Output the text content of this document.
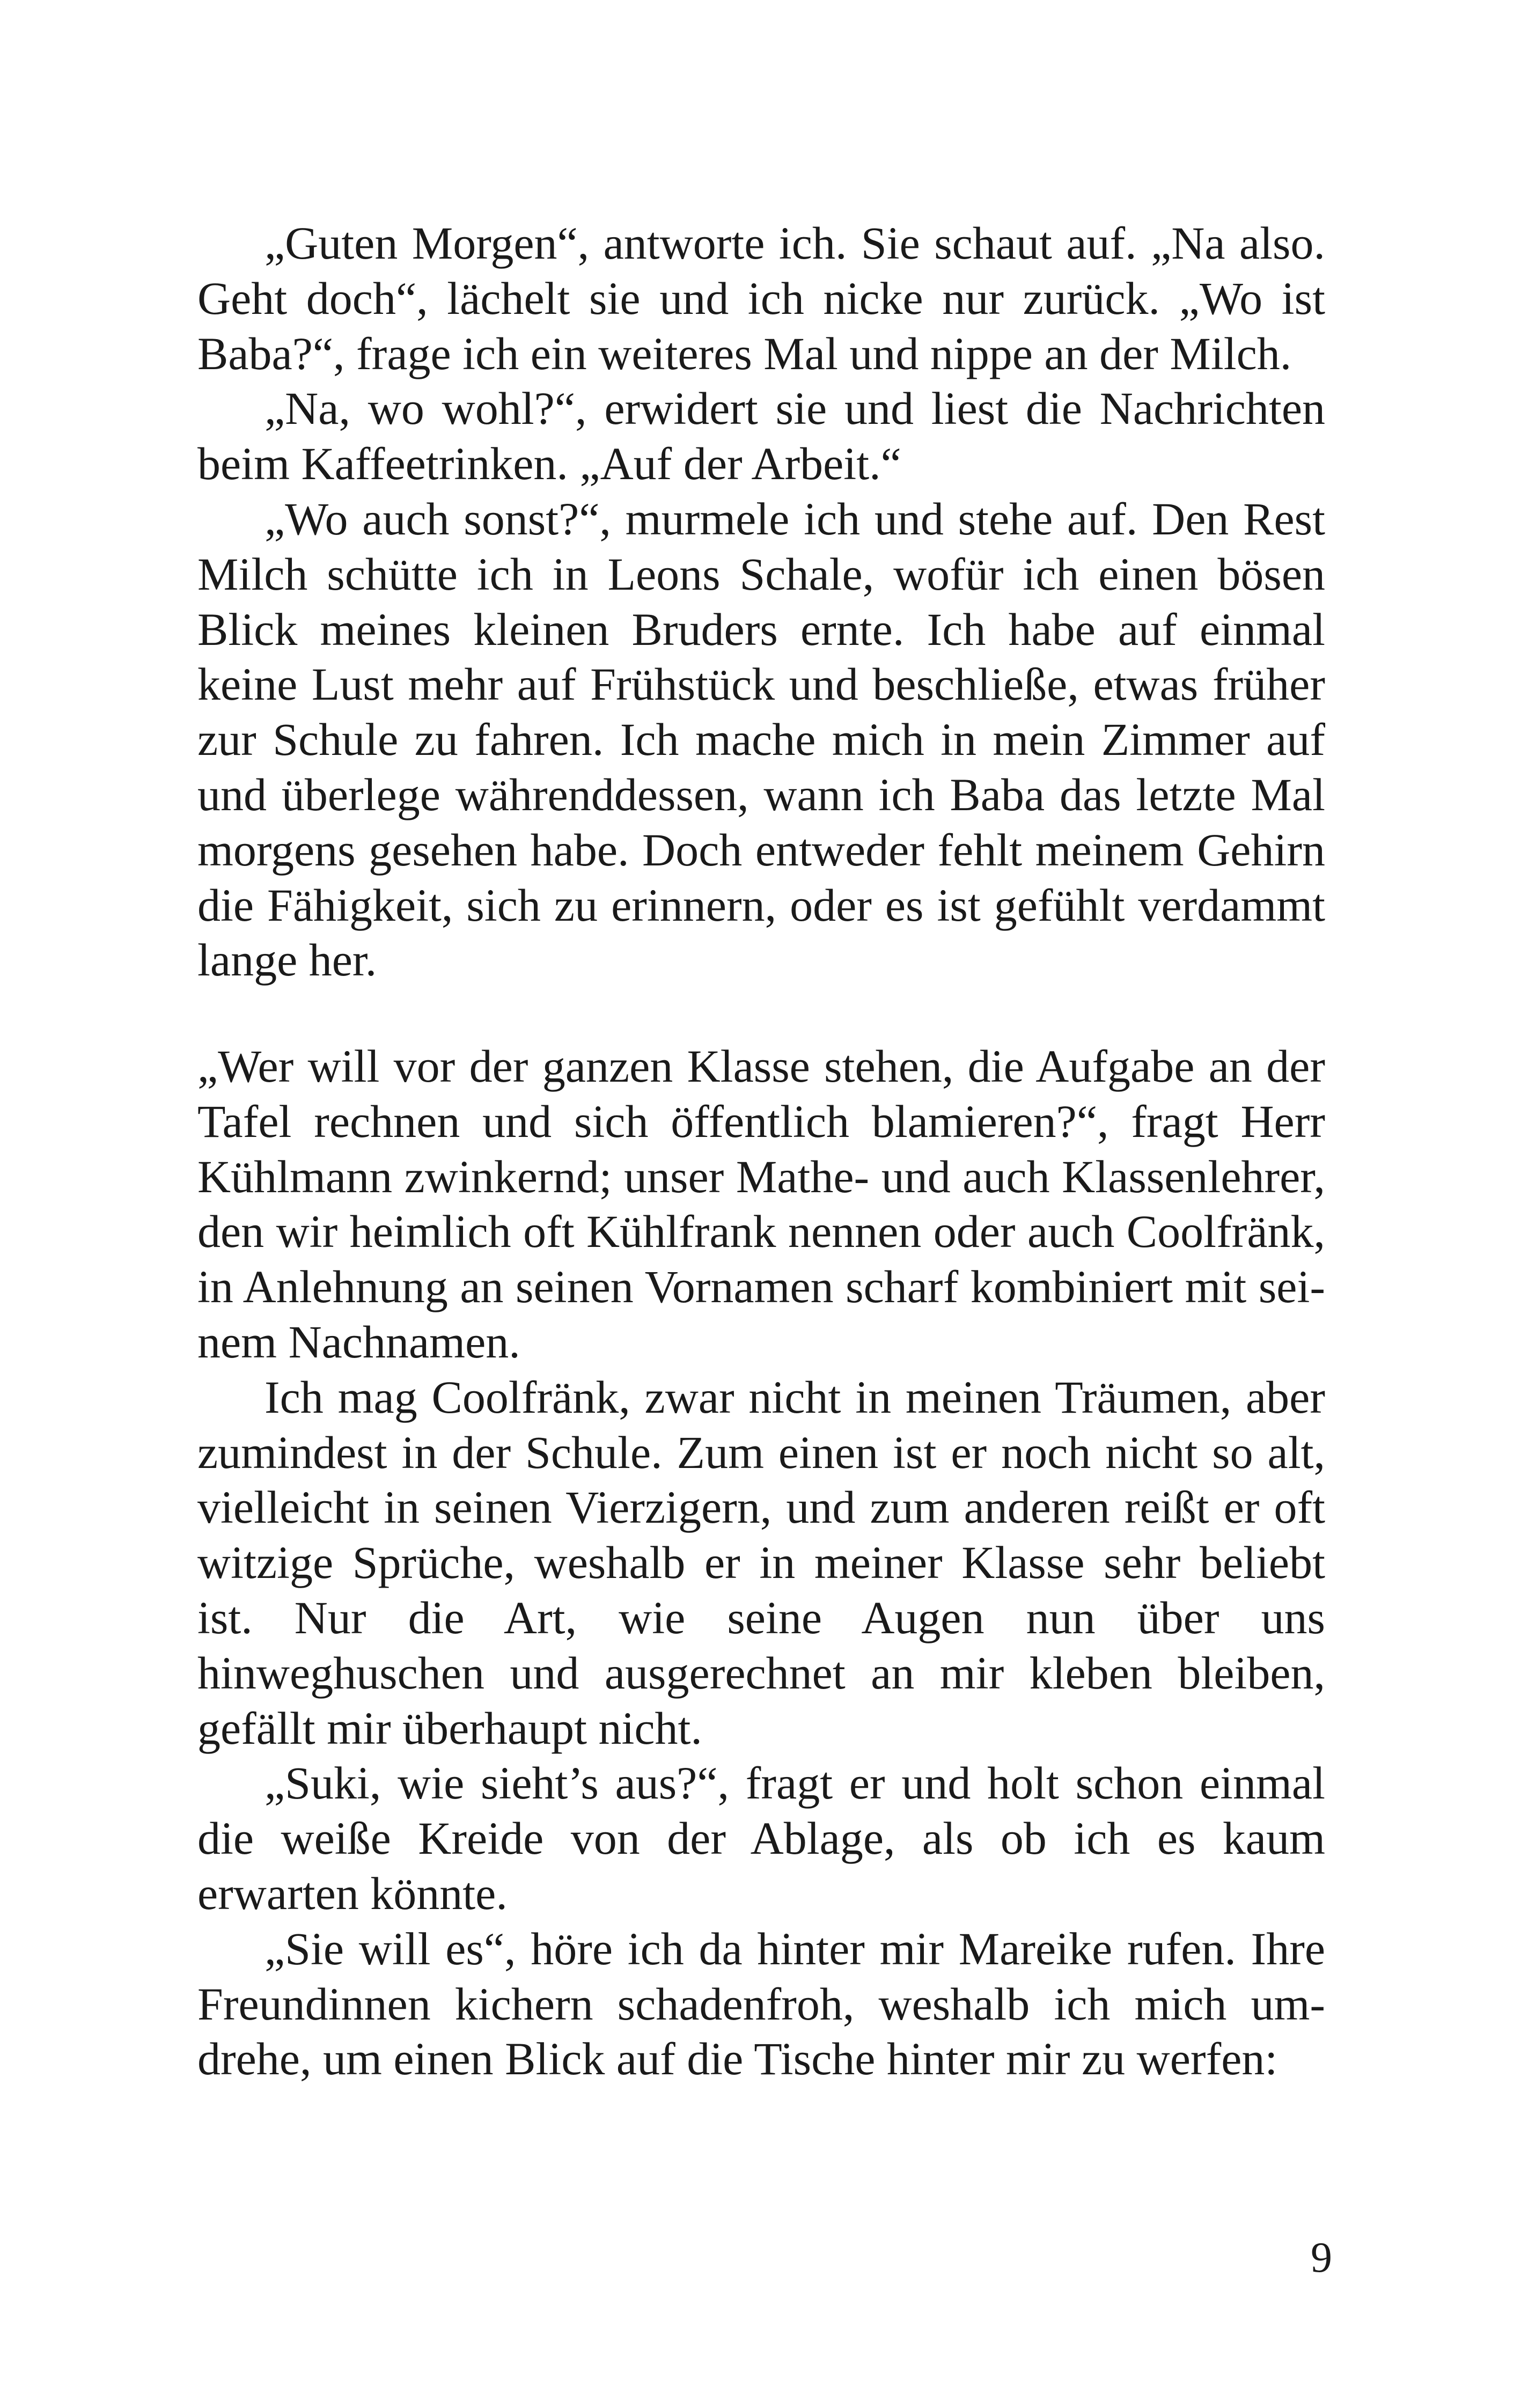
„Guten Morgen“, antworte ich. Sie schaut auf. „Na also. Geht doch“, lächelt sie und ich nicke nur zurück. „Wo ist Baba?“, frage ich ein weiteres Mal und nippe an der Milch.

„Na, wo wohl?“, erwidert sie und liest die Nachrichten beim Kaffeetrinken. „Auf der Arbeit.“

„Wo auch sonst?“, murmele ich und stehe auf. Den Rest Milch schütte ich in Leons Schale, wofür ich einen bösen Blick meines kleinen Bruders ernte. Ich habe auf einmal keine Lust mehr auf Frühstück und beschließe, etwas früher zur Schule zu fahren. Ich mache mich in mein Zimmer auf und überlege währenddessen, wann ich Baba das letzte Mal morgens gesehen habe. Doch entweder fehlt meinem Gehirn die Fähigkeit, sich zu erinnern, oder es ist gefühlt verdammt lange her.

„Wer will vor der ganzen Klasse stehen, die Aufgabe an der Tafel rechnen und sich öffentlich blamieren?“, fragt Herr Kühlmann zwinkernd; unser Mathe- und auch Klassenlehrer, den wir heimlich oft Kühlfrank nennen oder auch Coolfränk, in Anlehnung an seinen Vornamen scharf kombiniert mit seinem Nachnamen.

Ich mag Coolfränk, zwar nicht in meinen Träumen, aber zumindest in der Schule. Zum einen ist er noch nicht so alt, vielleicht in seinen Vierzigern, und zum anderen reißt er oft witzige Sprüche, weshalb er in meiner Klasse sehr beliebt ist. Nur die Art, wie seine Augen nun über uns hinweghuschen und ausgerechnet an mir kleben bleiben, gefällt mir überhaupt nicht.

„Suki, wie sieht’s aus?“, fragt er und holt schon einmal die weiße Kreide von der Ablage, als ob ich es kaum erwarten könnte.

„Sie will es“, höre ich da hinter mir Mareike rufen. Ihre Freundinnen kichern schadenfroh, weshalb ich mich umdrehe, um einen Blick auf die Tische hinter mir zu werfen:

9
